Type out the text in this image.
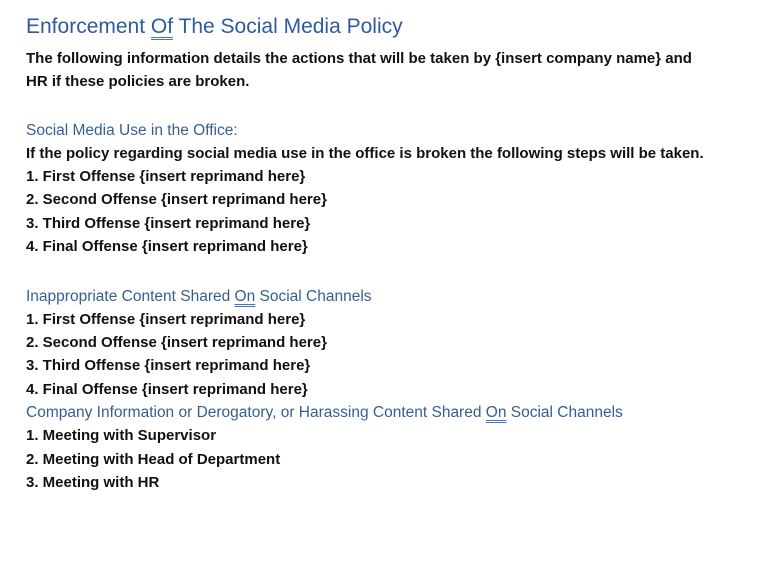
Enforcement Of The Social Media Policy

The following information details the actions that will be taken by {insert company name} and

HR if these policies are broken.

Social Media Use in the Office:

If the policy regarding social media use in the office is broken the following steps will be taken.

1. First Offense {insert reprimand here}
2. Second Offense {insert reprimand here}
3. Third Offense {insert reprimand here}
4. Final Offense {insert reprimand here}
Inappropriate Content Shared On Social Channels
1. First Offense {insert reprimand here}
2. Second Offense {insert reprimand here}
3. Third Offense {insert reprimand here}
4. Final Offense {insert reprimand here}
Company Information or Derogatory, or Harassing Content Shared On Social Channels
1. Meeting with Supervisor
2. Meeting with Head of Department
3. Meeting with HR
